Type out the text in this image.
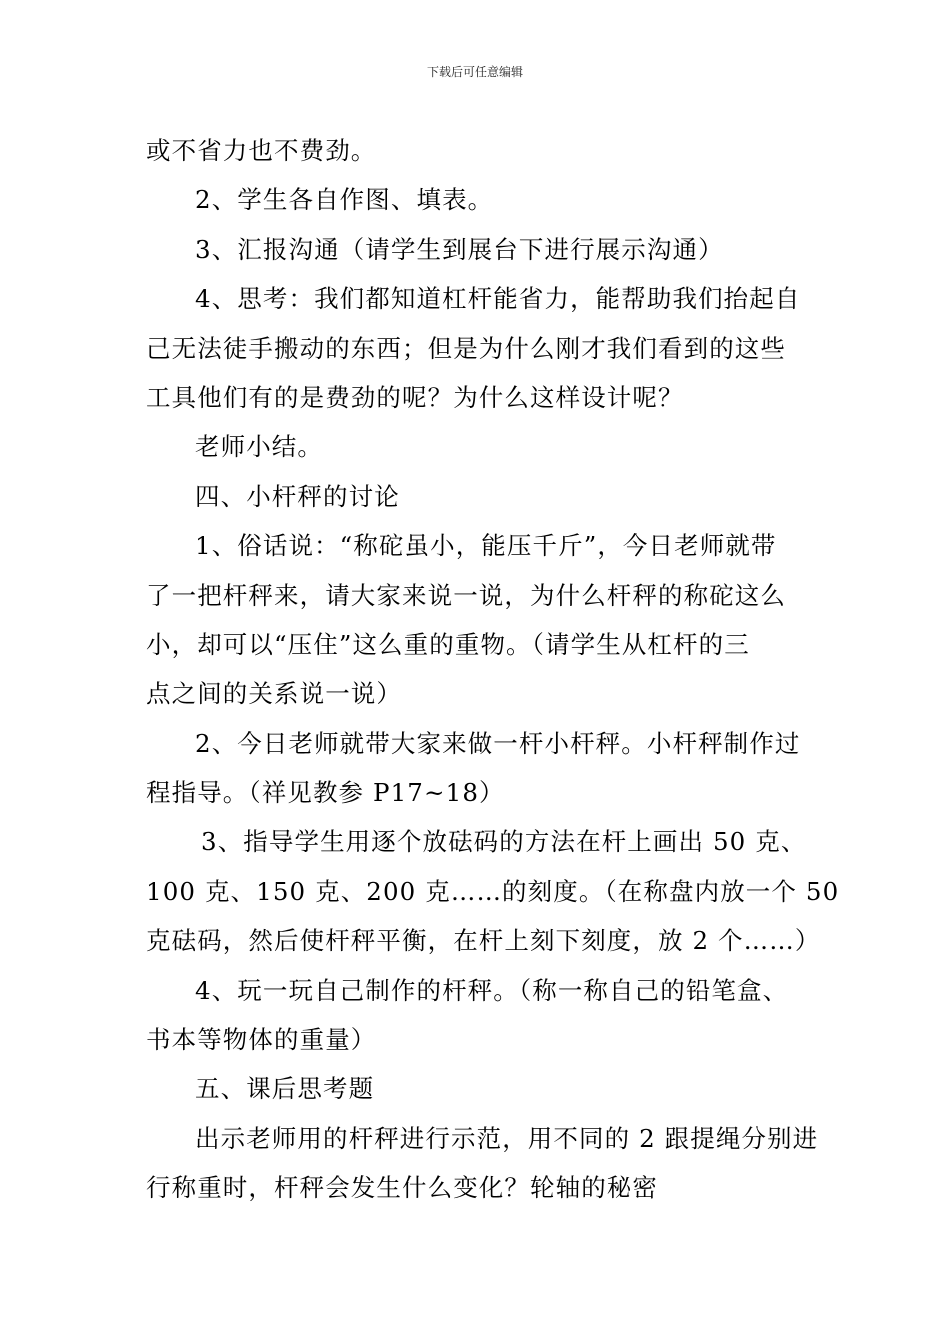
下载后可任意编辑
或不省力也不费劲。
2、学生各自作图、填表。
3、汇报沟通（请学生到展台下进行展示沟通）
4、思考：我们都知道杠杆能省力，能帮助我们抬起自
己无法徒手搬动的东西；但是为什么刚才我们看到的这些
工具他们有的是费劲的呢？为什么这样设计呢？
老师小结。
四、小杆秤的讨论
1、俗话说：“称砣虽小，能压千斤”，今日老师就带
了一把杆秤来，请大家来说一说，为什么杆秤的称砣这么
小，却可以“压住”这么重的重物。（请学生从杠杆的三
点之间的关系说一说）
2、今日老师就带大家来做一杆小杆秤。小杆秤制作过
程指导。（祥见教参 P17~18）
3、指导学生用逐个放砝码的方法在杆上画出 50 克、
100 克、150 克、200 克……的刻度。（在称盘内放一个 50
克砝码，然后使杆秤平衡，在杆上刻下刻度，放 2 个……）
4、玩一玩自己制作的杆秤。（称一称自己的铅笔盒、
书本等物体的重量）
五、课后思考题
出示老师用的杆秤进行示范，用不同的 2 跟提绳分别进
行称重时，杆秤会发生什么变化？轮轴的秘密
